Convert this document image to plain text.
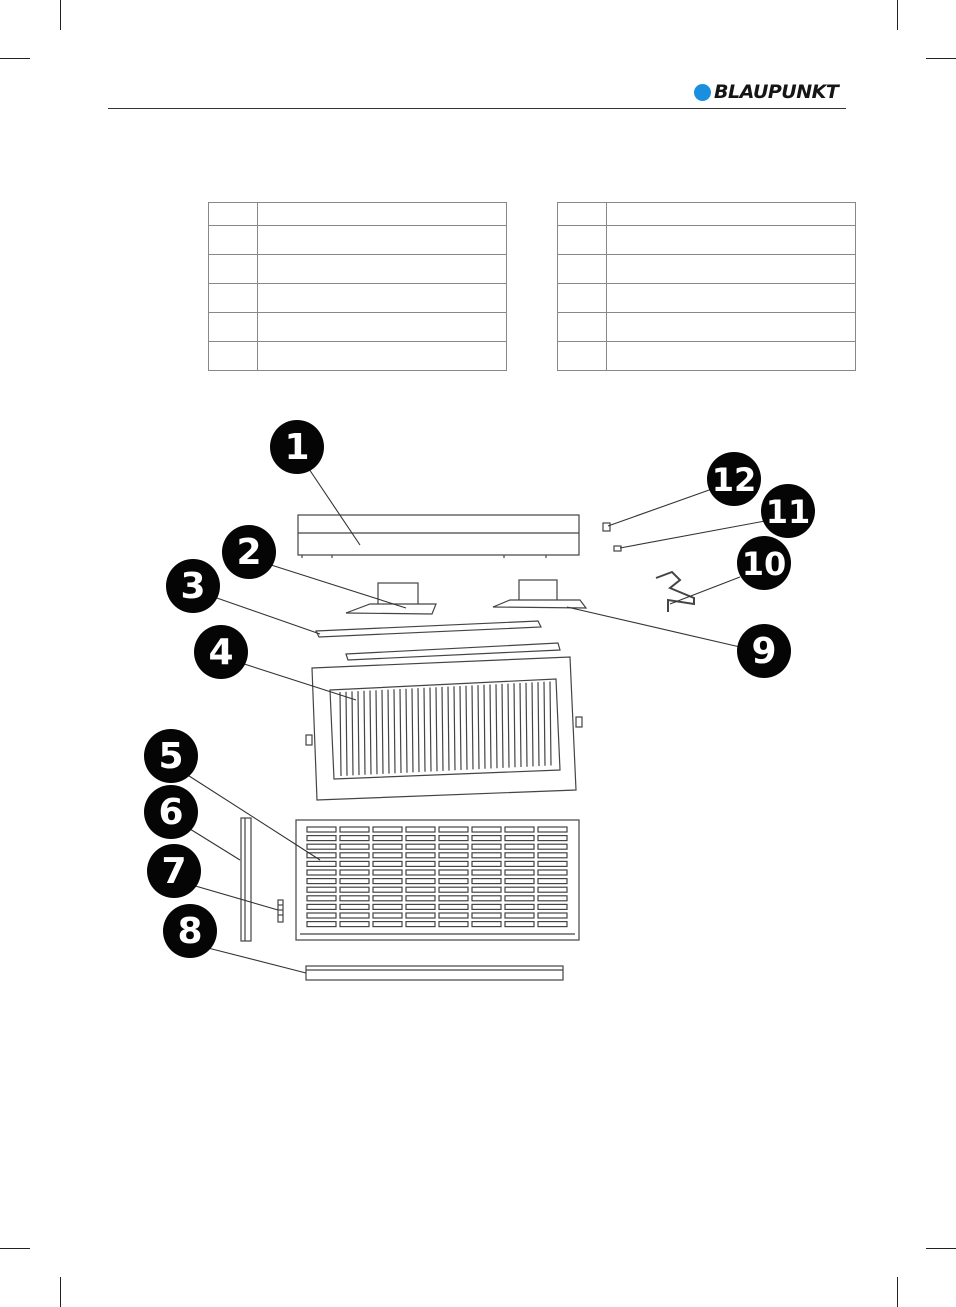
BLAUPUNKT

1
2
3
4
5
6
7
8
9
10
11
12
